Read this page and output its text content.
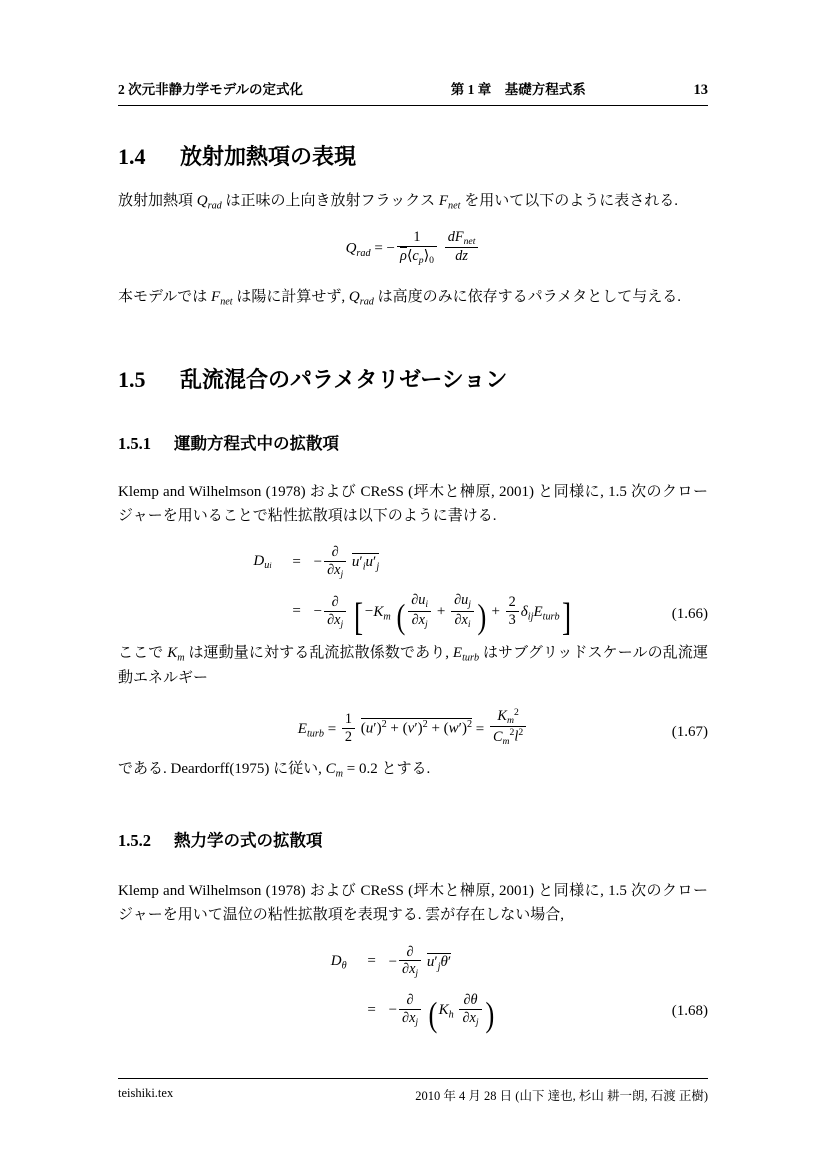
2 次元非静力学モデルの定式化	第 1 章　基礎方程式系	13
1.4 放射加熱項の表現

放射加熱項 $Q_{rad}$ は正味の上向き放射フラックス $F_{net}$ を用いて以下のように表される.

$Q_{rad}$ = − $\frac{1}{\rho⟨c_p⟩_0}$
$\frac{dF_{net}}{dz}$

本モデルでは $F_{net}$ は陽に計算せず, $Q_{rad}$ は高度のみに依存するパラメタとして与える.

1.5 乱流混合のパラメタリゼーション
1.5.1 運動方程式中の拡散項

Klemp and Wilhelmson (1978) および CReSS (坪木と榊原, 2001) と同様に, 1.5 次のクロージャーを用いることで粘性拡散項は以下のように書ける.

$D_{ui}$	=	− $\frac{\partial}{\partial x_j} u'_iu'_j$
	=	− $\frac{\partial}{\partial x_j}$ [ $-K_m$ ( $\frac{\partial u_i}{\partial x_j} + \frac{\partial u_j}{\partial x_i}$ ) + $\frac{2}{3} \delta_{ij}E_{turb}$]	(1.66)

ここで $K_m$ は運動量に対する乱流拡散係数であり, $E_{turb}$ はサブグリッドスケールの乱流運動エネルギー

$E_{turb} = \frac{1}{2} (u')^2 + (v')^2 + (w')^2 = \frac{K_m^2}{C_m^2l^2}$	(1.67)

である. Deardorff(1975) に従い, $C_m = 0.2$ とする.

1.5.2 熱力学の式の拡散項

Klemp and Wilhelmson (1978) および CReSS (坪木と榊原, 2001) と同様に, 1.5 次のクロージャーを用いて温位の粘性拡散項を表現する. 雲が存在しない場合,

$D_\theta$	=	− $\frac{\partial}{\partial x_j} u'_j\theta'$
	=	− $\frac{\partial}{\partial x_j} (K_h \frac{\partial\theta}{\partial x_j}$ )	(1.68)
teishiki.tex	2010 年 4 月 28 日 (山下 達也, 杉山 耕一朗, 石渡 正樹)
